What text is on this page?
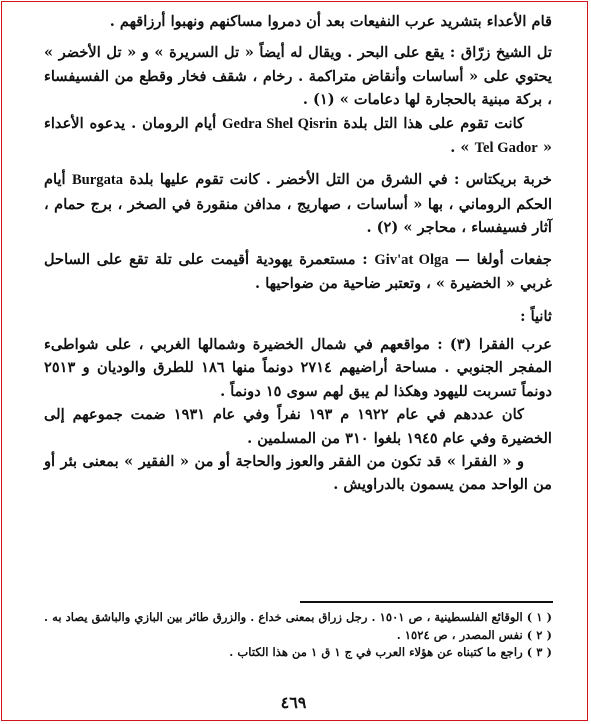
قام الأعداء بتشريد عرب النفيعات بعد أن دمروا مساكنهم ونهبوا أرزاقهم .

تل الشيخ زرّاق : يقع على البحر . ويقال له أيضاً « تل السريرة » و « تل الأخضر » يحتوي على « أساسات وأنقاض متراكمة . رخام ، شقف فخار وقطع من الفسيفساء ، بركة مبنية بالحجارة لها دعامات » (١) .

كانت تقوم على هذا التل بلدة Gedra Shel Qisrin أيام الرومان . يدعوه الأعداء « Tel Gador » .

خربة بريكتاس : في الشرق من التل الأخضر . كانت تقوم عليها بلدة Burgata أيام الحكم الروماني ، بها « أساسات ، صهاريج ، مدافن منقورة في الصخر ، برج حمام ، آثار فسيفساء ، محاجر » (٢) .

جفعات أولغا — Giv'at Olga : مستعمرة يهودية أقيمت على تلة تقع على الساحل غربي « الخضيرة » ، وتعتبر ضاحية من ضواحيها .

ثانياً :

عرب الفقرا (٣) : مواقعهم في شمال الخضيرة وشمالها الغربي ، على شواطىء المفجر الجنوبي . مساحة أراضيهم ٢٧١٤ دونماً منها ١٨٦ للطرق والوديان و ٢٥١٣ دونماً تسربت لليهود وهكذا لم يبق لهم سوى ١٥ دونماً .

كان عددهم في عام ١٩٢٢ م ١٩٣ نفراً وفي عام ١٩٣١ ضمت جموعهم إلى الخضيرة وفي عام ١٩٤٥ بلغوا ٣١٠ من المسلمين .

و « الفقرا » قد تكون من الفقر والعوز والحاجة أو من « الفقير » بمعنى بئر أو من الواحد ممن يسمون بالدراويش .

( ١ ) الوقائع الفلسطينية ، ص ١٥٠١ . رجل زراق بمعنى خداع . والزرق طائر بين البازي والباشق يصاد به .

( ٢ ) نفس المصدر ، ص ١٥٢٤ .

( ٣ ) راجع ما كتبناه عن هؤلاء العرب في ج ١ ق ١ من هذا الكتاب .

٤٦٩
